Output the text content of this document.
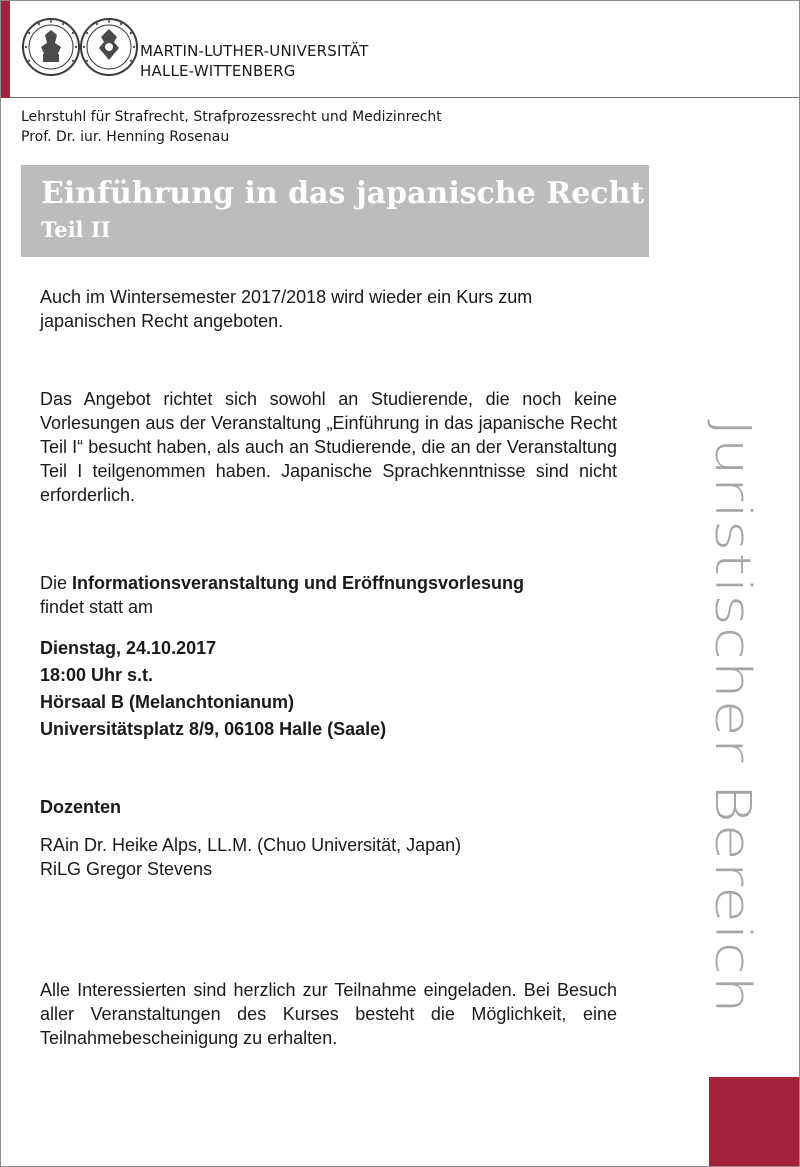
MARTIN-LUTHER-UNIVERSITÄT
HALLE-WITTENBERG
Lehrstuhl für Strafrecht, Strafprozessrecht und Medizinrecht
Prof. Dr. iur. Henning Rosenau
Einführung in das japanische Recht
Teil II

Auch im Wintersemester 2017/2018 wird wieder ein Kurs zum japanischen Recht angeboten.

Das Angebot richtet sich sowohl an Studierende, die noch keine Vorlesungen aus der Veranstaltung „Einführung in das japanische Recht Teil I“ besucht haben, als auch an Studierende, die an der Veranstaltung Teil I teilgenommen haben. Japanische Sprachkenntnisse sind nicht erforderlich.

Die Informationsveranstaltung und Eröffnungsvorlesung
findet statt am

Dienstag, 24.10.2017
18:00 Uhr s.t.
Hörsaal B (Melanchtonianum)
Universitätsplatz 8/9, 06108 Halle (Saale)
Dozenten
RAin Dr. Heike Alps, LL.M. (Chuo Universität, Japan)
RiLG Gregor Stevens

Alle Interessierten sind herzlich zur Teilnahme eingeladen. Bei Besuch aller Veranstaltungen des Kurses besteht die Möglichkeit, eine Teilnahmebescheinigung zu erhalten.

Juristischer Bereich
